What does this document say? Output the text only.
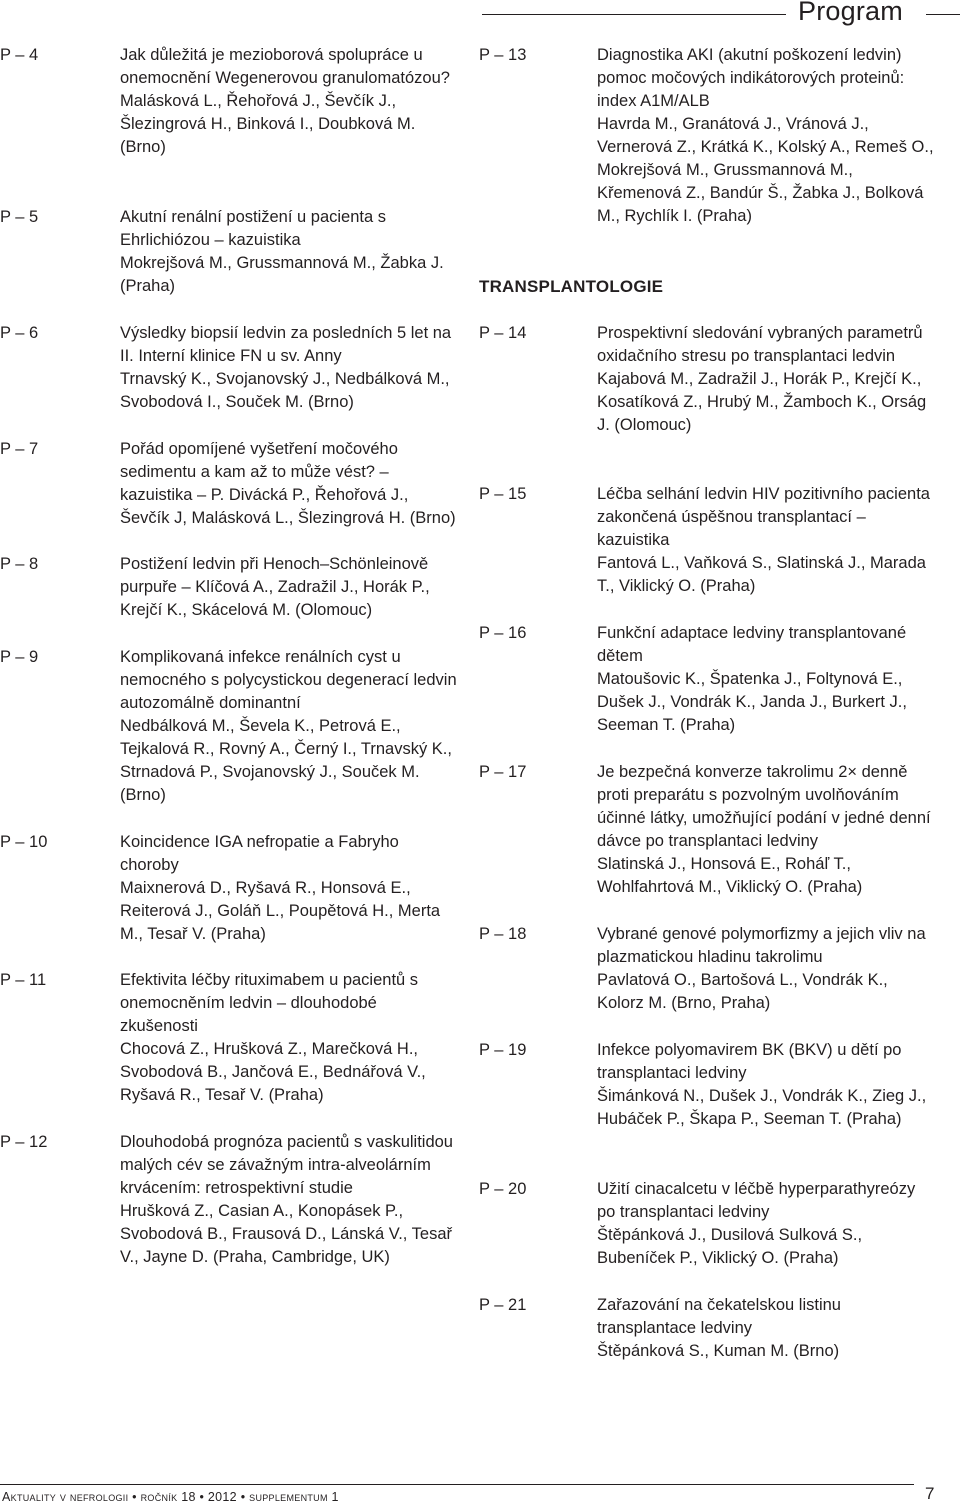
Program
P – 4	Jak důležitá je mezioborová spolupráce u onemocnění Wegenerovou granulomatózou?
Malásková L., Řehořová J., Ševčík J., Šlezingrová H., Binková I., Doubková M. (Brno)
P – 5	Akutní renální postižení u pacienta s Ehrlichiózou – kazuistika
Mokrejšová M., Grussmannová M., Žabka J. (Praha)
P – 6	Výsledky biopsií ledvin za posledních 5 let na II. Interní klinice FN u sv. Anny
Trnavský K., Svojanovský J., Nedbálková M., Svobodová I., Souček M. (Brno)
P – 7	Pořád opomíjené vyšetření močového sedimentu a kam až to může vést? – kazuistika – P. Divácká P., Řehořová J., Ševčík J, Malásková L., Šlezingrová H. (Brno)
P – 8	Postižení ledvin při Henoch–Schönleinově purpuře – Klíčová A., Zadražil J., Horák P., Krejčí K., Skácelová M. (Olomouc)
P – 9	Komplikovaná infekce renálních cyst u nemocného s polycystickou degenerací ledvin autozomálně dominantní
Nedbálková M., Ševela K., Petrová E., Tejkalová R., Rovný A., Černý I., Trnavský K., Strnadová P., Svojanovský J., Souček M. (Brno)
P – 10	Koincidence IGA nefropatie a Fabryho choroby
Maixnerová D., Ryšavá R., Honsová E., Reiterová J., Goláň L., Poupětová H., Merta M., Tesař V. (Praha)
P – 11	Efektivita léčby rituximabem u pacientů s onemocněním ledvin – dlouhodobé zkušenosti
Chocová Z., Hrušková Z., Marečková H., Svobodová B., Jančová E., Bednářová V., Ryšavá R., Tesař V. (Praha)
P – 12	Dlouhodobá prognóza pacientů s vaskulitidou malých cév se závažným intra-alveolárním krvácením: retrospektivní studie
Hrušková Z., Casian A., Konopásek P., Svobodová B., Frausová D., Lánská V., Tesař V., Jayne D. (Praha, Cambridge, UK)
P – 13	Diagnostika AKI (akutní poškození ledvin) pomoc močových indikátorových proteinů: index A1M/ALB
Havrda M., Granátová J., Vránová J., Vernerová Z., Krátká K., Kolský A., Remeš O., Mokrejšová M., Grussmannová M., Křemenová Z., Bandúr Š., Žabka J., Bolková M., Rychlík I. (Praha)
TRANSPLANTOLOGIE
P – 14	Prospektivní sledování vybraných parametrů oxidačního stresu po transplantaci ledvin
Kajabová M., Zadražil J., Horák P., Krejčí K., Kosatíková Z., Hrubý M., Žamboch K., Orság J. (Olomouc)
P – 15	Léčba selhání ledvin HIV pozitivního pacienta zakončená úspěšnou transplantací – kazuistika
Fantová L., Vaňková S., Slatinská J., Marada T., Viklický O. (Praha)
P – 16	Funkční adaptace ledviny transplantované dětem
Matoušovic K., Špatenka J., Foltynová E., Dušek J., Vondrák K., Janda J., Burkert J., Seeman T. (Praha)
P – 17	Je bezpečná konverze takrolimu 2× denně proti preparátu s pozvolným uvolňováním účinné látky, umožňující podání v jedné denní dávce po transplantaci ledviny
Slatinská J., Honsová E., Roháľ T., Wohlfahrtová M., Viklický O. (Praha)
P – 18	Vybrané genové polymorfizmy a jejich vliv na plazmatickou hladinu takrolimu
Pavlatová O., Bartošová L., Vondrák K., Kolorz M. (Brno, Praha)
P – 19	Infekce polyomavirem BK (BKV) u dětí po transplantaci ledviny
Šimánková N., Dušek J., Vondrák K., Zieg J., Hubáček P., Škapa P., Seeman T. (Praha)
P – 20	Užití cinacalcetu v léčbě hyperparathyreózy po transplantaci ledviny
Štěpánková J., Dusilová Sulková S., Bubeníček P., Viklický O. (Praha)
P – 21	Zařazování na čekatelskou listinu transplantace ledviny
Štěpánková S., Kuman M. (Brno)
Aktuality v nefrologii • ročník 18 • 2012 • supplementum 1	7
